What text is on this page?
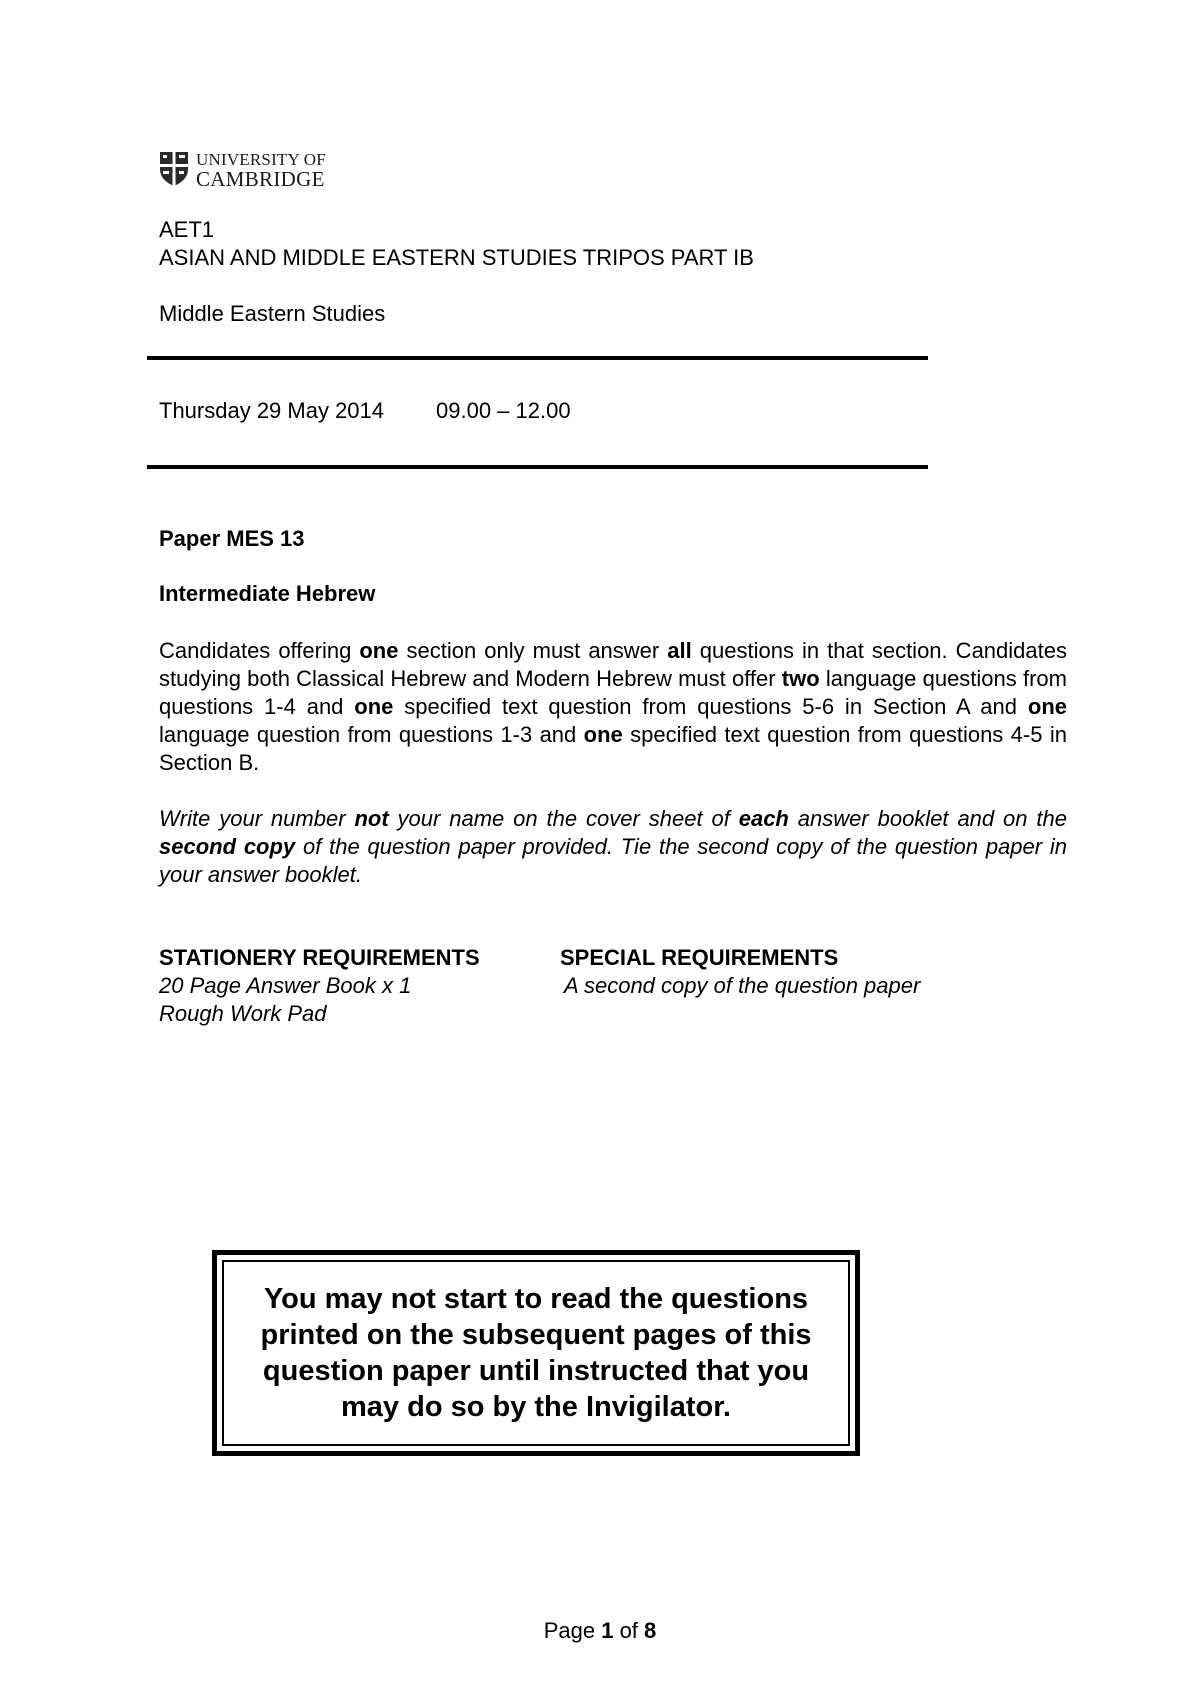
UNIVERSITY OF
CAMBRIDGE
AET1
ASIAN AND MIDDLE EASTERN STUDIES TRIPOS PART IB
Middle Eastern Studies
Thursday 29 May 2014 09.00 – 12.00
Paper MES 13
Intermediate Hebrew
Candidates offering one section only must answer all questions in that section. Candidates studying both Classical Hebrew and Modern Hebrew must offer two language questions from questions 1-4 and one specified text question from questions 5-6 in Section A and one language question from questions 1-3 and one specified text question from questions 4-5 in Section B.
Write your number not your name on the cover sheet of each answer booklet and on the second copy of the question paper provided. Tie the second copy of the question paper in your answer booklet.
STATIONERY REQUIREMENTS
20 Page Answer Book x 1
Rough Work Pad
SPECIAL REQUIREMENTS
A second copy of the question paper
You may not start to read the questions printed on the subsequent pages of this question paper until instructed that you may do so by the Invigilator.
Page 1 of 8
